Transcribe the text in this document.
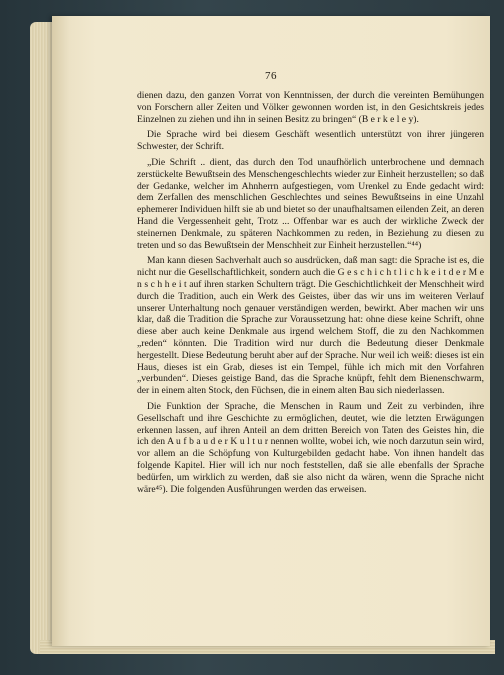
76

dienen dazu, den ganzen Vorrat von Kenntnissen, der durch die vereinten Bemühungen von Forschern aller Zeiten und Völker gewonnen worden ist, in den Gesichtskreis jedes Einzelnen zu ziehen und ihn in seinen Besitz zu bringen“ (B e r k e l e y).

Die Sprache wird bei diesem Geschäft wesentlich unterstützt von ihrer jüngeren Schwester, der Schrift.

„Die Schrift .. dient, das durch den Tod unaufhörlich unterbrochene und demnach zerstückelte Bewußtsein des Menschengeschlechts wieder zur Einheit herzustellen; so daß der Gedanke, welcher im Ahnherrn aufgestiegen, vom Urenkel zu Ende gedacht wird: dem Zerfallen des menschlichen Geschlechtes und seines Bewußtseins in eine Unzahl ephemerer Individuen hilft sie ab und bietet so der unaufhaltsamen eilenden Zeit, an deren Hand die Vergessenheit geht, Trotz ... Offenbar war es auch der wirkliche Zweck der steinernen Denkmale, zu späteren Nachkommen zu reden, in Beziehung zu diesen zu treten und so das Bewußtsein der Menschheit zur Einheit herzustellen.“⁴⁴)

Man kann diesen Sachverhalt auch so ausdrücken, daß man sagt: die Sprache ist es, die nicht nur die Gesellschaftlichkeit, sondern auch die G e s c h i c h t l i c h k e i t d e r M e n s c h h e i t auf ihren starken Schultern trägt. Die Geschichtlichkeit der Menschheit wird durch die Tradition, auch ein Werk des Geistes, über das wir uns im weiteren Verlauf unserer Unterhaltung noch genauer verständigen werden, bewirkt. Aber machen wir uns klar, daß die Tradition die Sprache zur Voraussetzung hat: ohne diese keine Schrift, ohne diese aber auch keine Denkmale aus irgend welchem Stoff, die zu den Nachkommen „reden“ könnten. Die Tradition wird nur durch die Bedeutung dieser Denkmale hergestellt. Diese Bedeutung beruht aber auf der Sprache. Nur weil ich weiß: dieses ist ein Haus, dieses ist ein Grab, dieses ist ein Tempel, fühle ich mich mit den Vorfahren „verbunden“. Dieses geistige Band, das die Sprache knüpft, fehlt dem Bienenschwarm, der in einem alten Stock, den Füchsen, die in einem alten Bau sich niederlassen.

Die Funktion der Sprache, die Menschen in Raum und Zeit zu verbinden, ihre Gesellschaft und ihre Geschichte zu ermöglichen, deutet, wie die letzten Erwägungen erkennen lassen, auf ihren Anteil an dem dritten Bereich von Taten des Geistes hin, die ich den A u f b a u d e r K u l t u r nennen wollte, wobei ich, wie noch darzutun sein wird, vor allem an die Schöpfung von Kulturgebilden gedacht habe. Von ihnen handelt das folgende Kapitel. Hier will ich nur noch feststellen, daß sie alle ebenfalls der Sprache bedürfen, um wirklich zu werden, daß sie also nicht da wären, wenn die Sprache nicht wäre⁴⁵). Die folgenden Ausführungen werden das erweisen.
